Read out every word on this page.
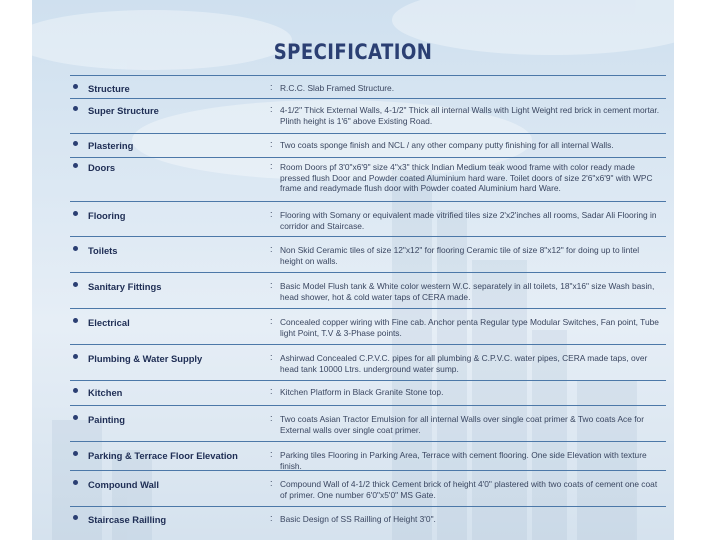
SPECIFICATION
Structure	: R.C.C. Slab Framed Structure.
Super Structure	: 4-1/2" Thick External Walls, 4-1/2" Thick all internal Walls with Light Weight red brick in cement mortar. Plinth height is 1'6" above Existing Road.
Plastering	: Two coats sponge finish and NCL / any other company putty finishing for all internal Walls.
Doors	: Room Doors pf 3'0"x6'9" size 4"x3" thick Indian Medium teak wood frame with color ready made pressed flush Door and Powder coated Aluminium hard ware. Toilet doors of size 2'6"x6'9" with WPC frame and readymade flush door with Powder coated Aluminium hard Ware.
Flooring	: Flooring with Somany or equivalent made vitrified tiles size 2'x2'inches all rooms, Sadar Ali Flooring in corridor and Staircase.
Toilets	: Non Skid Ceramic tiles of size 12"x12" for flooring Ceramic tile of size 8"x12" for doing up to lintel height on walls.
Sanitary Fittings	: Basic Model Flush tank & White color western W.C. separately in all toilets, 18"x16" size Wash basin, head shower, hot & cold water taps of CERA made.
Electrical	: Concealed copper wiring with Fine cab. Anchor penta Regular type Modular Switches, Fan point, Tube light Point, T.V & 3-Phase points.
Plumbing & Water Supply	: Ashirwad Concealed C.P.V.C. pipes for all plumbing & C.P.V.C. water pipes, CERA made taps, over head tank 10000 Ltrs. underground water sump.
Kitchen	: Kitchen Platform in Black Granite Stone top.
Painting	: Two coats Asian Tractor Emulsion for all internal Walls over single coat primer & Two coats Ace for External walls over single coat primer.
Parking & Terrace Floor Elevation	: Parking tiles Flooring in Parking Area, Terrace with cement flooring. One side Elevation with texture finish.
Compound Wall	: Compound Wall of 4-1/2 thick Cement brick of height 4'0" plastered with two coats of cement one coat of primer. One number 6'0"x5'0" MS Gate.
Staircase Railling	: Basic Design of SS Railling of Height 3'0".
